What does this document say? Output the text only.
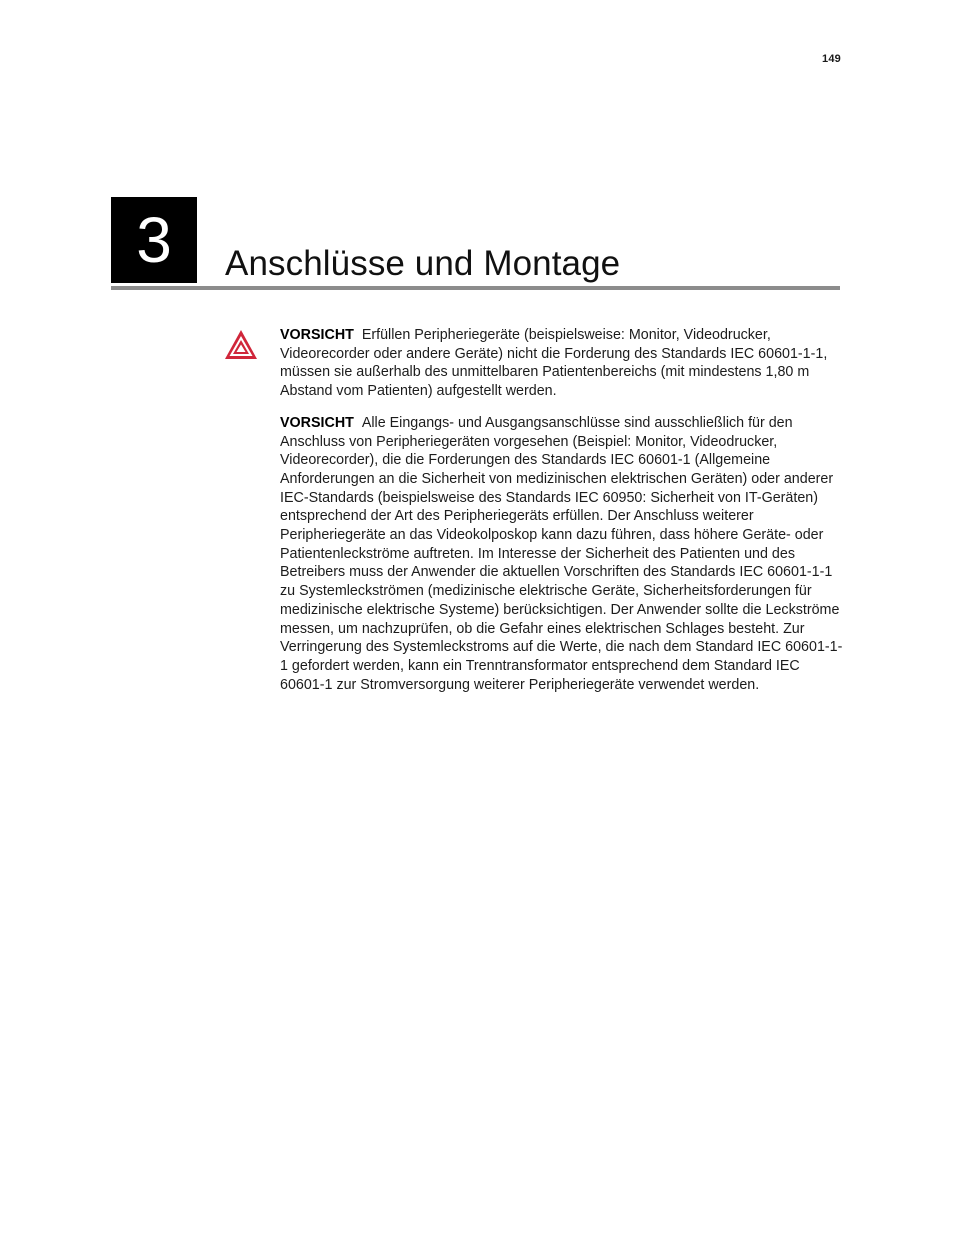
149
3	Anschlüsse und Montage

VORSICHT Erfüllen Peripheriegeräte (beispielsweise: Monitor, Videodrucker, Videorecorder oder andere Geräte) nicht die Forderung des Standards IEC 60601-1-1, müssen sie außerhalb des unmittelbaren Patientenbereichs (mit mindestens 1,80 m Abstand vom Patienten) aufgestellt werden.

VORSICHT Alle Eingangs- und Ausgangsanschlüsse sind ausschließlich für den Anschluss von Peripheriegeräten vorgesehen (Beispiel: Monitor, Videodrucker, Videorecorder), die die Forderungen des Standards IEC 60601-1 (Allgemeine Anforderungen an die Sicherheit von medizinischen elektrischen Geräten) oder anderer IEC-Standards (beispielsweise des Standards IEC 60950: Sicherheit von IT-Geräten) entsprechend der Art des Peripheriegeräts erfüllen. Der Anschluss weiterer Peripheriegeräte an das Videokolposkop kann dazu führen, dass höhere Geräte- oder Patientenleckströme auftreten. Im Interesse der Sicherheit des Patienten und des Betreibers muss der Anwender die aktuellen Vorschriften des Standards IEC 60601-1-1 zu Systemleckströmen (medizinische elektrische Geräte, Sicherheitsforderungen für medizinische elektrische Systeme) berücksichtigen. Der Anwender sollte die Leckströme messen, um nachzuprüfen, ob die Gefahr eines elektrischen Schlages besteht. Zur Verringerung des Systemleckstroms auf die Werte, die nach dem Standard IEC 60601-1-1 gefordert werden, kann ein Trenntransformator entsprechend dem Standard IEC 60601-1 zur Stromversorgung weiterer Peripheriegeräte verwendet werden.
